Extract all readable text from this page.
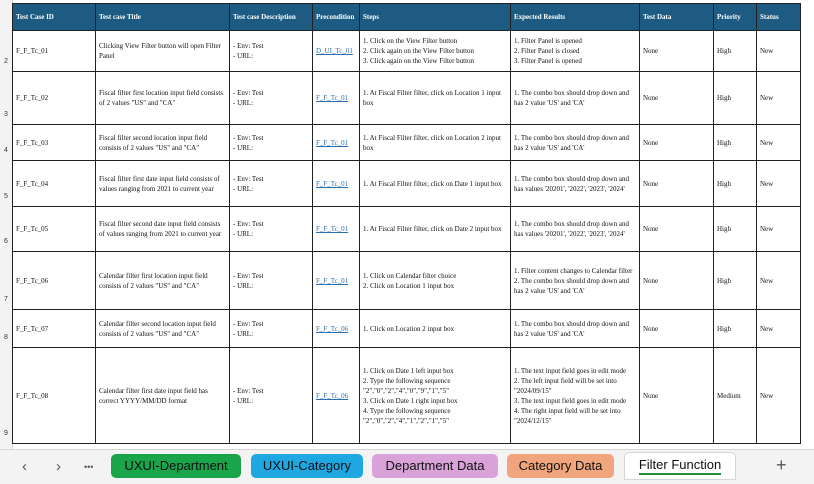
2
3
4
5
6
7
8
9
Test Case ID	Test case Title	Test case Description	Precondition	Steps	Expected Results	Test Data	Priority	Status
F_F_Tc_01	Clicking View Filter button will open Filter Panel	- Env: Test
- URL:	D_UI_Tc_01	1. Click on the View Filter button
2. Click again on the View Filter button
3. Click again on the View Filter button	1. Filter Panel is opened
2. Filter Panel is closed
3. Filter Panel is opened	None	High	New
F_F_Tc_02	Fiscal filter first location input field consists of 2 values "US" and "CA"	- Env: Test
- URL:	F_F_Tc_01	1. At Fiscal Filter filter, click on Location 1 input box	1. The combo box should drop down and has 2 value 'US' and 'CA'	None	High	New
F_F_Tc_03	Fiscal filter second location input field consists of 2 values "US" and "CA"	- Env: Test
- URL:	F_F_Tc_01	1. At Fiscal Filter filter, click on Location 2 input box	1. The combo box should drop down and has 2 value 'US' and 'CA'	None	High	New
F_F_Tc_04	Fiscal filter first date input field consists of values ranging from 2021 to current year	- Env: Test
- URL:	F_F_Tc_01	1. At Fiscal Filter filter, click on Date 1 input box	1. The combo box should drop down and has values '20201', '2022', '2023', '2024'	None	High	New
F_F_Tc_05	Fiscal filter second date input field consists of values ranging from 2021 to current year	- Env: Test
- URL:	F_F_Tc_01	1. At Fiscal Filter filter, click on Date 2 input box	1. The combo box should drop down and has values '20201', '2022', '2023', '2024'	None	High	New
F_F_Tc_06	Calendar filter first location input field consists of 2 values "US" and "CA"	- Env: Test
- URL:	F_F_Tc_01	1. Click on Calendar filter choice
2. Click on Location 1 input box	1. Filter content changes to Calendar filter
2. The combo box should drop down and has 2 value 'US' and 'CA'	None	High	New
F_F_Tc_07	Calendar filter second location input field consists of 2 values "US" and "CA"	- Env: Test
- URL:	F_F_Tc_06	1. Click on Location 2 input box	1. The combo box should drop down and has 2 value 'US' and 'CA'	None	High	New
F_F_Tc_08	Calendar filter first date input field has correct YYYY/MM/DD format	- Env: Test
- URL:	F_F_Tc_06	1. Click on Date 1 left input box
2. Type the following sequence "2","0","2","4","0","9","1","5"
3. Click on Date 1 right input box
4. Type the following sequence "2","0","2","4","1","2","1","5"	1. The text input field goes in edit mode
2. The left input field will be set into "2024/09/15"
3. The text input field goes in edit mode
4. The right input field will be set into "2024/12/15"	None	Medium	New
‹ ›	•••	UXUI-Department	UXUI-Category	Department Data	Category Data	Filter Function	+
